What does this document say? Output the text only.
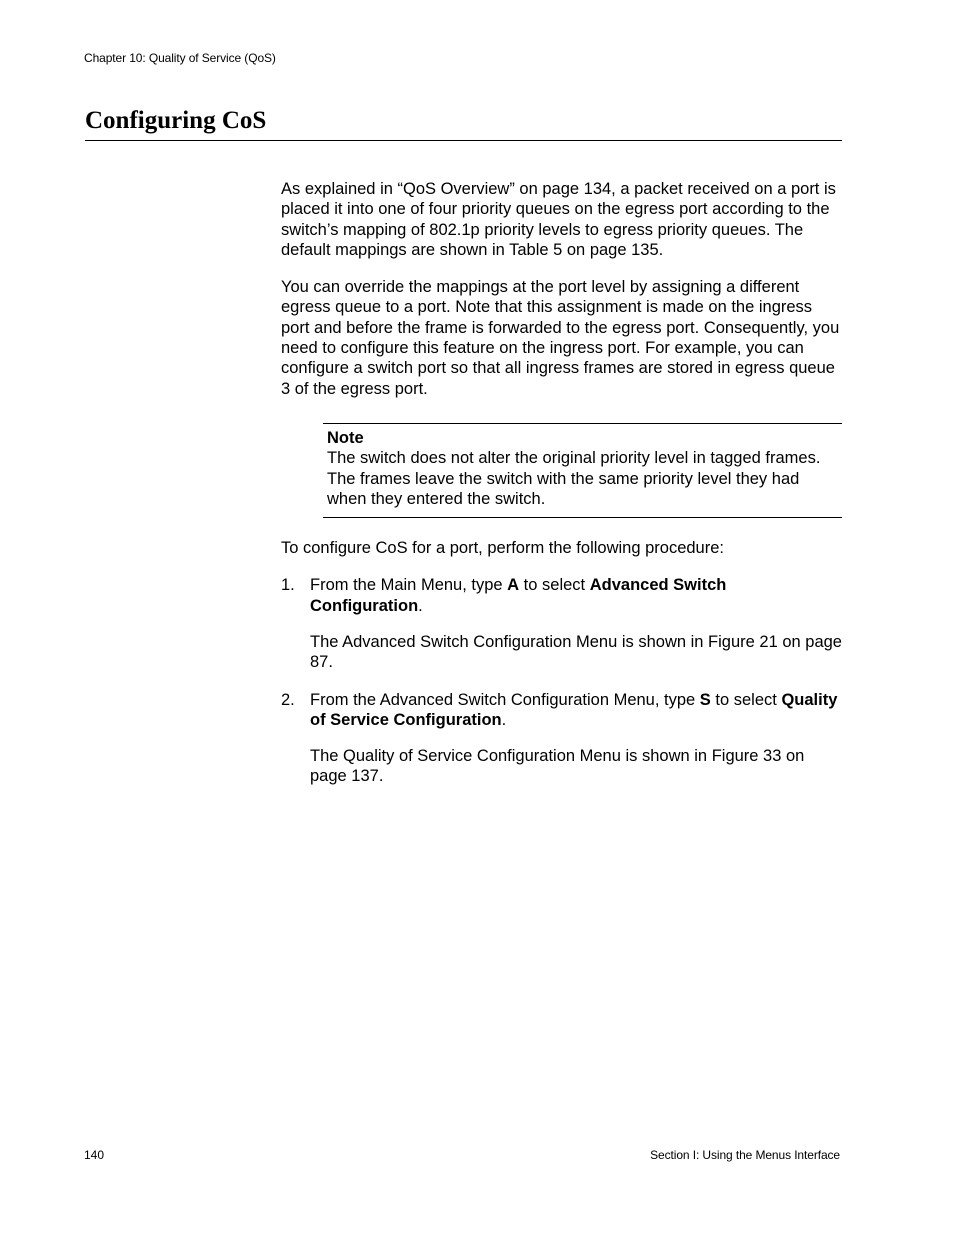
Chapter 10: Quality of Service (QoS)
Configuring CoS

As explained in “QoS Overview” on page 134, a packet received on a port is placed it into one of four priority queues on the egress port according to the switch’s mapping of 802.1p priority levels to egress priority queues. The default mappings are shown in Table 5 on page 135.

You can override the mappings at the port level by assigning a different egress queue to a port. Note that this assignment is made on the ingress port and before the frame is forwarded to the egress port. Consequently, you need to configure this feature on the ingress port. For example, you can configure a switch port so that all ingress frames are stored in egress queue 3 of the egress port.

Note
The switch does not alter the original priority level in tagged frames. The frames leave the switch with the same priority level they had when they entered the switch.

To configure CoS for a port, perform the following procedure:

1. From the Main Menu, type A to select Advanced Switch Configuration.

The Advanced Switch Configuration Menu is shown in Figure 21 on page 87.

2. From the Advanced Switch Configuration Menu, type S to select Quality of Service Configuration.

The Quality of Service Configuration Menu is shown in Figure 33 on page 137.

140	Section I: Using the Menus Interface
